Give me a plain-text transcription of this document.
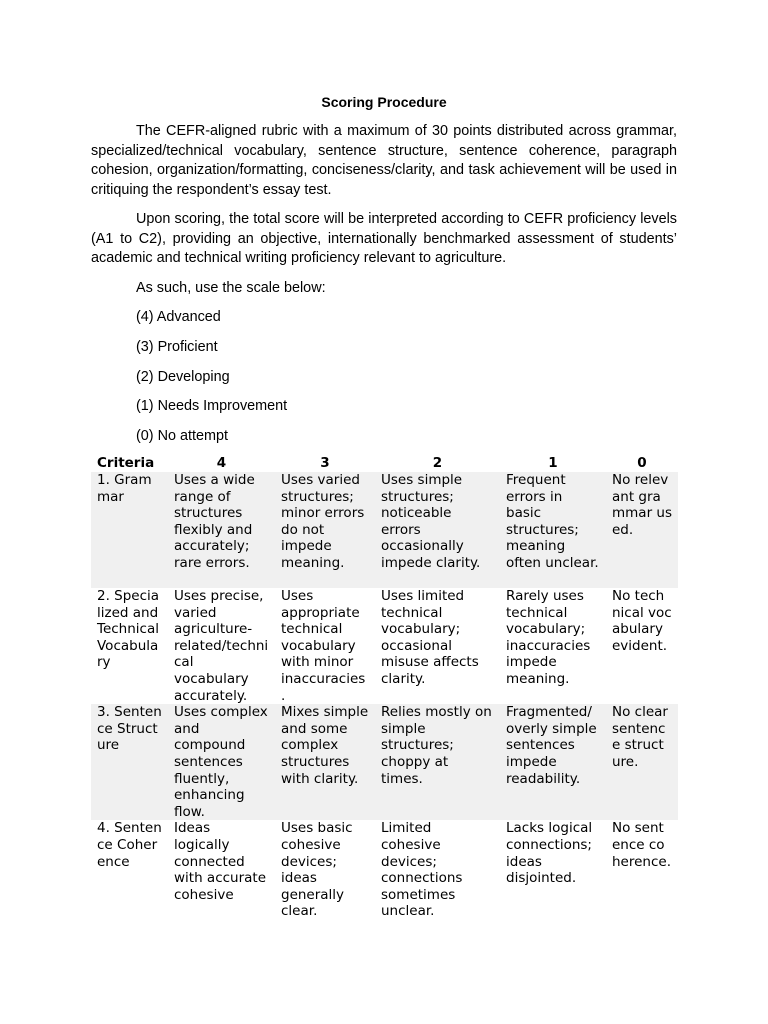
Scoring Procedure

The CEFR-aligned rubric with a maximum of 30 points distributed across grammar, specialized/technical vocabulary, sentence structure, sentence coherence, paragraph cohesion, organization/formatting, conciseness/clarity, and task achievement will be used in critiquing the respondent’s essay test.

Upon scoring, the total score will be interpreted according to CEFR proficiency levels (A1 to C2), providing an objective, internationally benchmarked assessment of students’ academic and technical writing proficiency relevant to agriculture.

As such, use the scale below:
(4) Advanced
(3) Proficient
(2) Developing
(1) Needs Improvement
(0) No attempt
Criteria	4	3	2	1	0
1. Grammar	Uses a wide range of structures flexibly and accurately; rare errors.	Uses varied structures; minor errors do not impede meaning.	Uses simple structures; noticeable errors occasionally impede clarity.	Frequent errors in basic structures; meaning often unclear.	No relevant grammar used.
2. Specialized and Technical Vocabulary	Uses precise, varied agriculture-related/technical vocabulary accurately.	Uses appropriate technical vocabulary with minor inaccuracies.	Uses limited technical vocabulary; occasional misuse affects clarity.	Rarely uses technical vocabulary; inaccuracies impede meaning.	No technical vocabulary evident.
3. Sentence Structure	Uses complex and compound sentences fluently, enhancing flow.	Mixes simple and some complex structures with clarity.	Relies mostly on simple structures; choppy at times.	Fragmented/ overly simple sentences impede readability.	No clear sentence structure.
4. Sentence Coherence	Ideas logically connected with accurate cohesive	Uses basic cohesive devices; ideas generally clear.	Limited cohesive devices; connections sometimes unclear.	Lacks logical connections; ideas disjointed.	No sentence coherence.
